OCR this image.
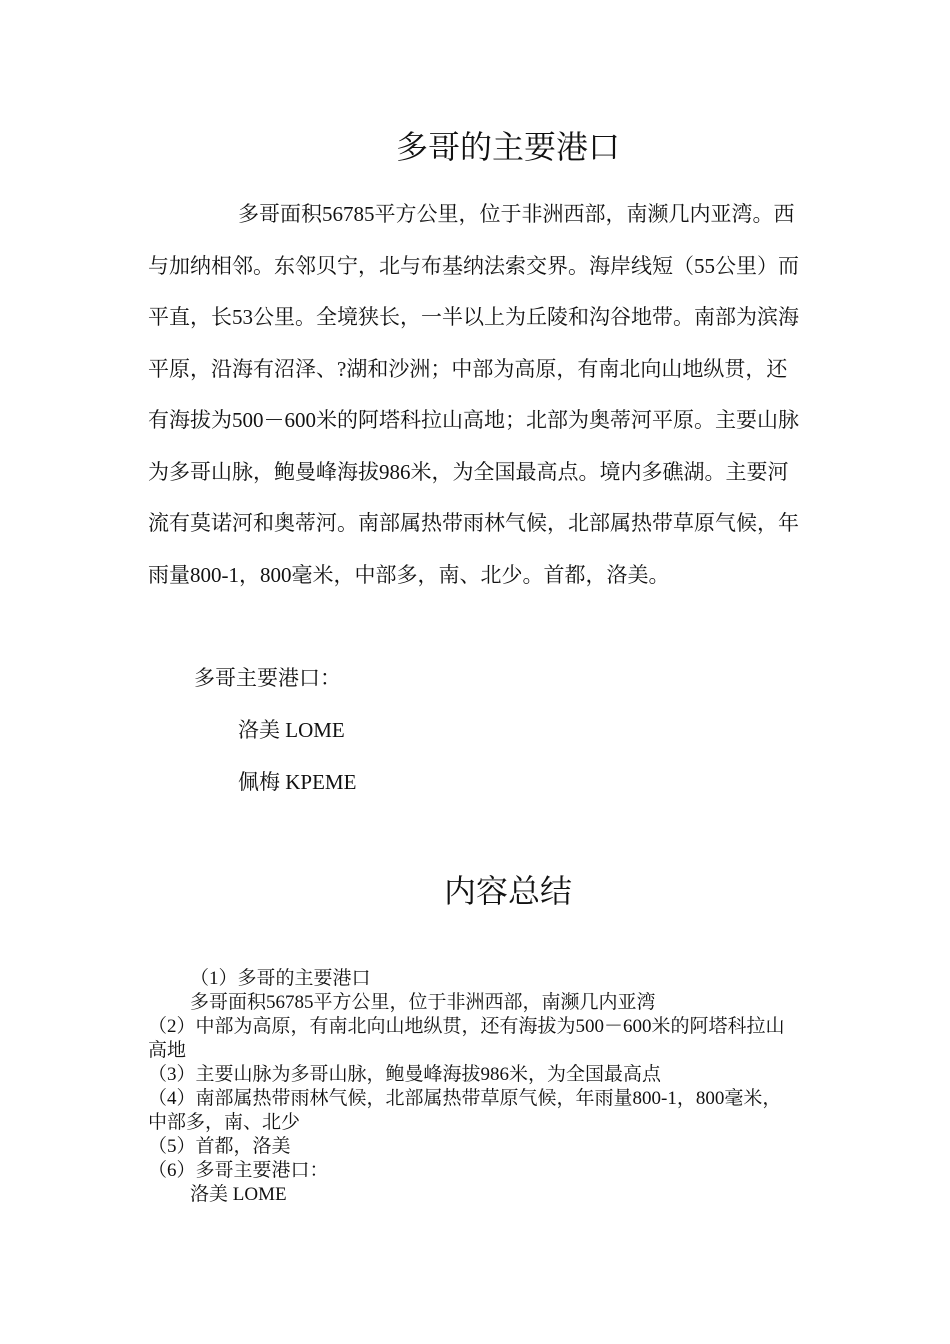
多哥的主要港口

多哥面积56785平方公里，位于非洲西部，南濒几内亚湾。西与加纳相邻。东邻贝宁，北与布基纳法索交界。海岸线短（55公里）而平直，长53公里。全境狭长，一半以上为丘陵和沟谷地带。南部为滨海平原，沿海有沼泽、?湖和沙洲；中部为高原，有南北向山地纵贯，还有海拔为500－600米的阿塔科拉山高地；北部为奥蒂河平原。主要山脉为多哥山脉，鲍曼峰海拔986米，为全国最高点。境内多礁湖。主要河流有莫诺河和奥蒂河。南部属热带雨林气候，北部属热带草原气候，年雨量800-1，800毫米，中部多，南、北少。首都，洛美。

多哥主要港口：

洛美 LOME

佩梅 KPEME

内容总结

（1）多哥的主要港口

多哥面积56785平方公里，位于非洲西部，南濒几内亚湾

（2）中部为高原，有南北向山地纵贯，还有海拔为500－600米的阿塔科拉山高地

（3）主要山脉为多哥山脉，鲍曼峰海拔986米，为全国最高点

（4）南部属热带雨林气候，北部属热带草原气候，年雨量800-1，800毫米，中部多，南、北少

（5）首都，洛美

（6）多哥主要港口：

洛美 LOME
